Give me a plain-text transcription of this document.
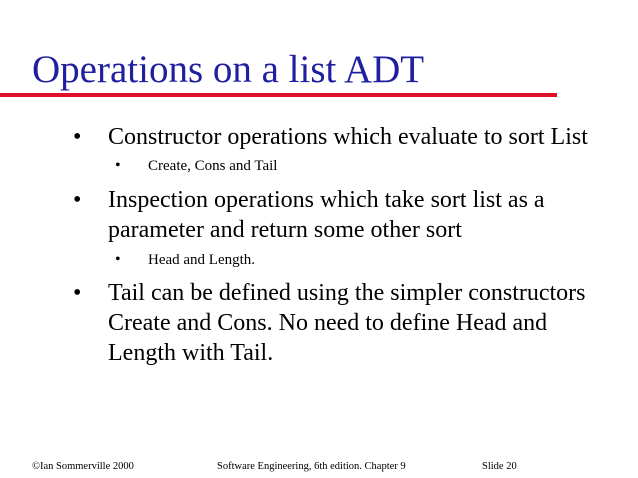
Operations on a list ADT
• Constructor operations which evaluate to sort List
• Create, Cons and Tail
• Inspection operations which take sort list as a parameter and return some other sort
• Head and Length.
• Tail can be defined using the simpler constructors Create and Cons. No need to define Head and Length with Tail.
©Ian Sommerville 2000	Software Engineering, 6th edition. Chapter 9	Slide 20
